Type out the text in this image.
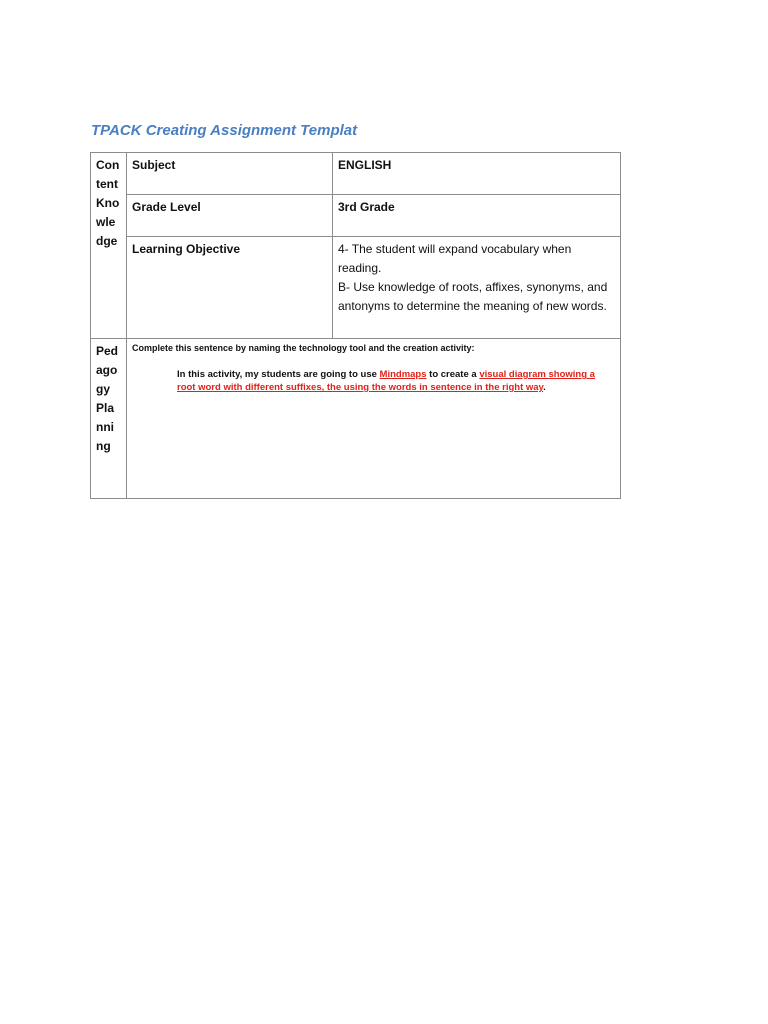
TPACK Creating Assignment Templat
Content Knowledge	Subject	ENGLISH
	Grade Level	3rd Grade
	Learning Objective	4- The student will expand vocabulary when reading.
B- Use knowledge of roots, affixes, synonyms, and antonyms to determine the meaning of new words.

Pedagogy Planning	Complete this sentence by naming the technology tool and the creation activity:

In this activity, my students are going to use Mindmaps to create a visual diagram showing a root word with different suffixes, the using the words in sentence in the right way.	
